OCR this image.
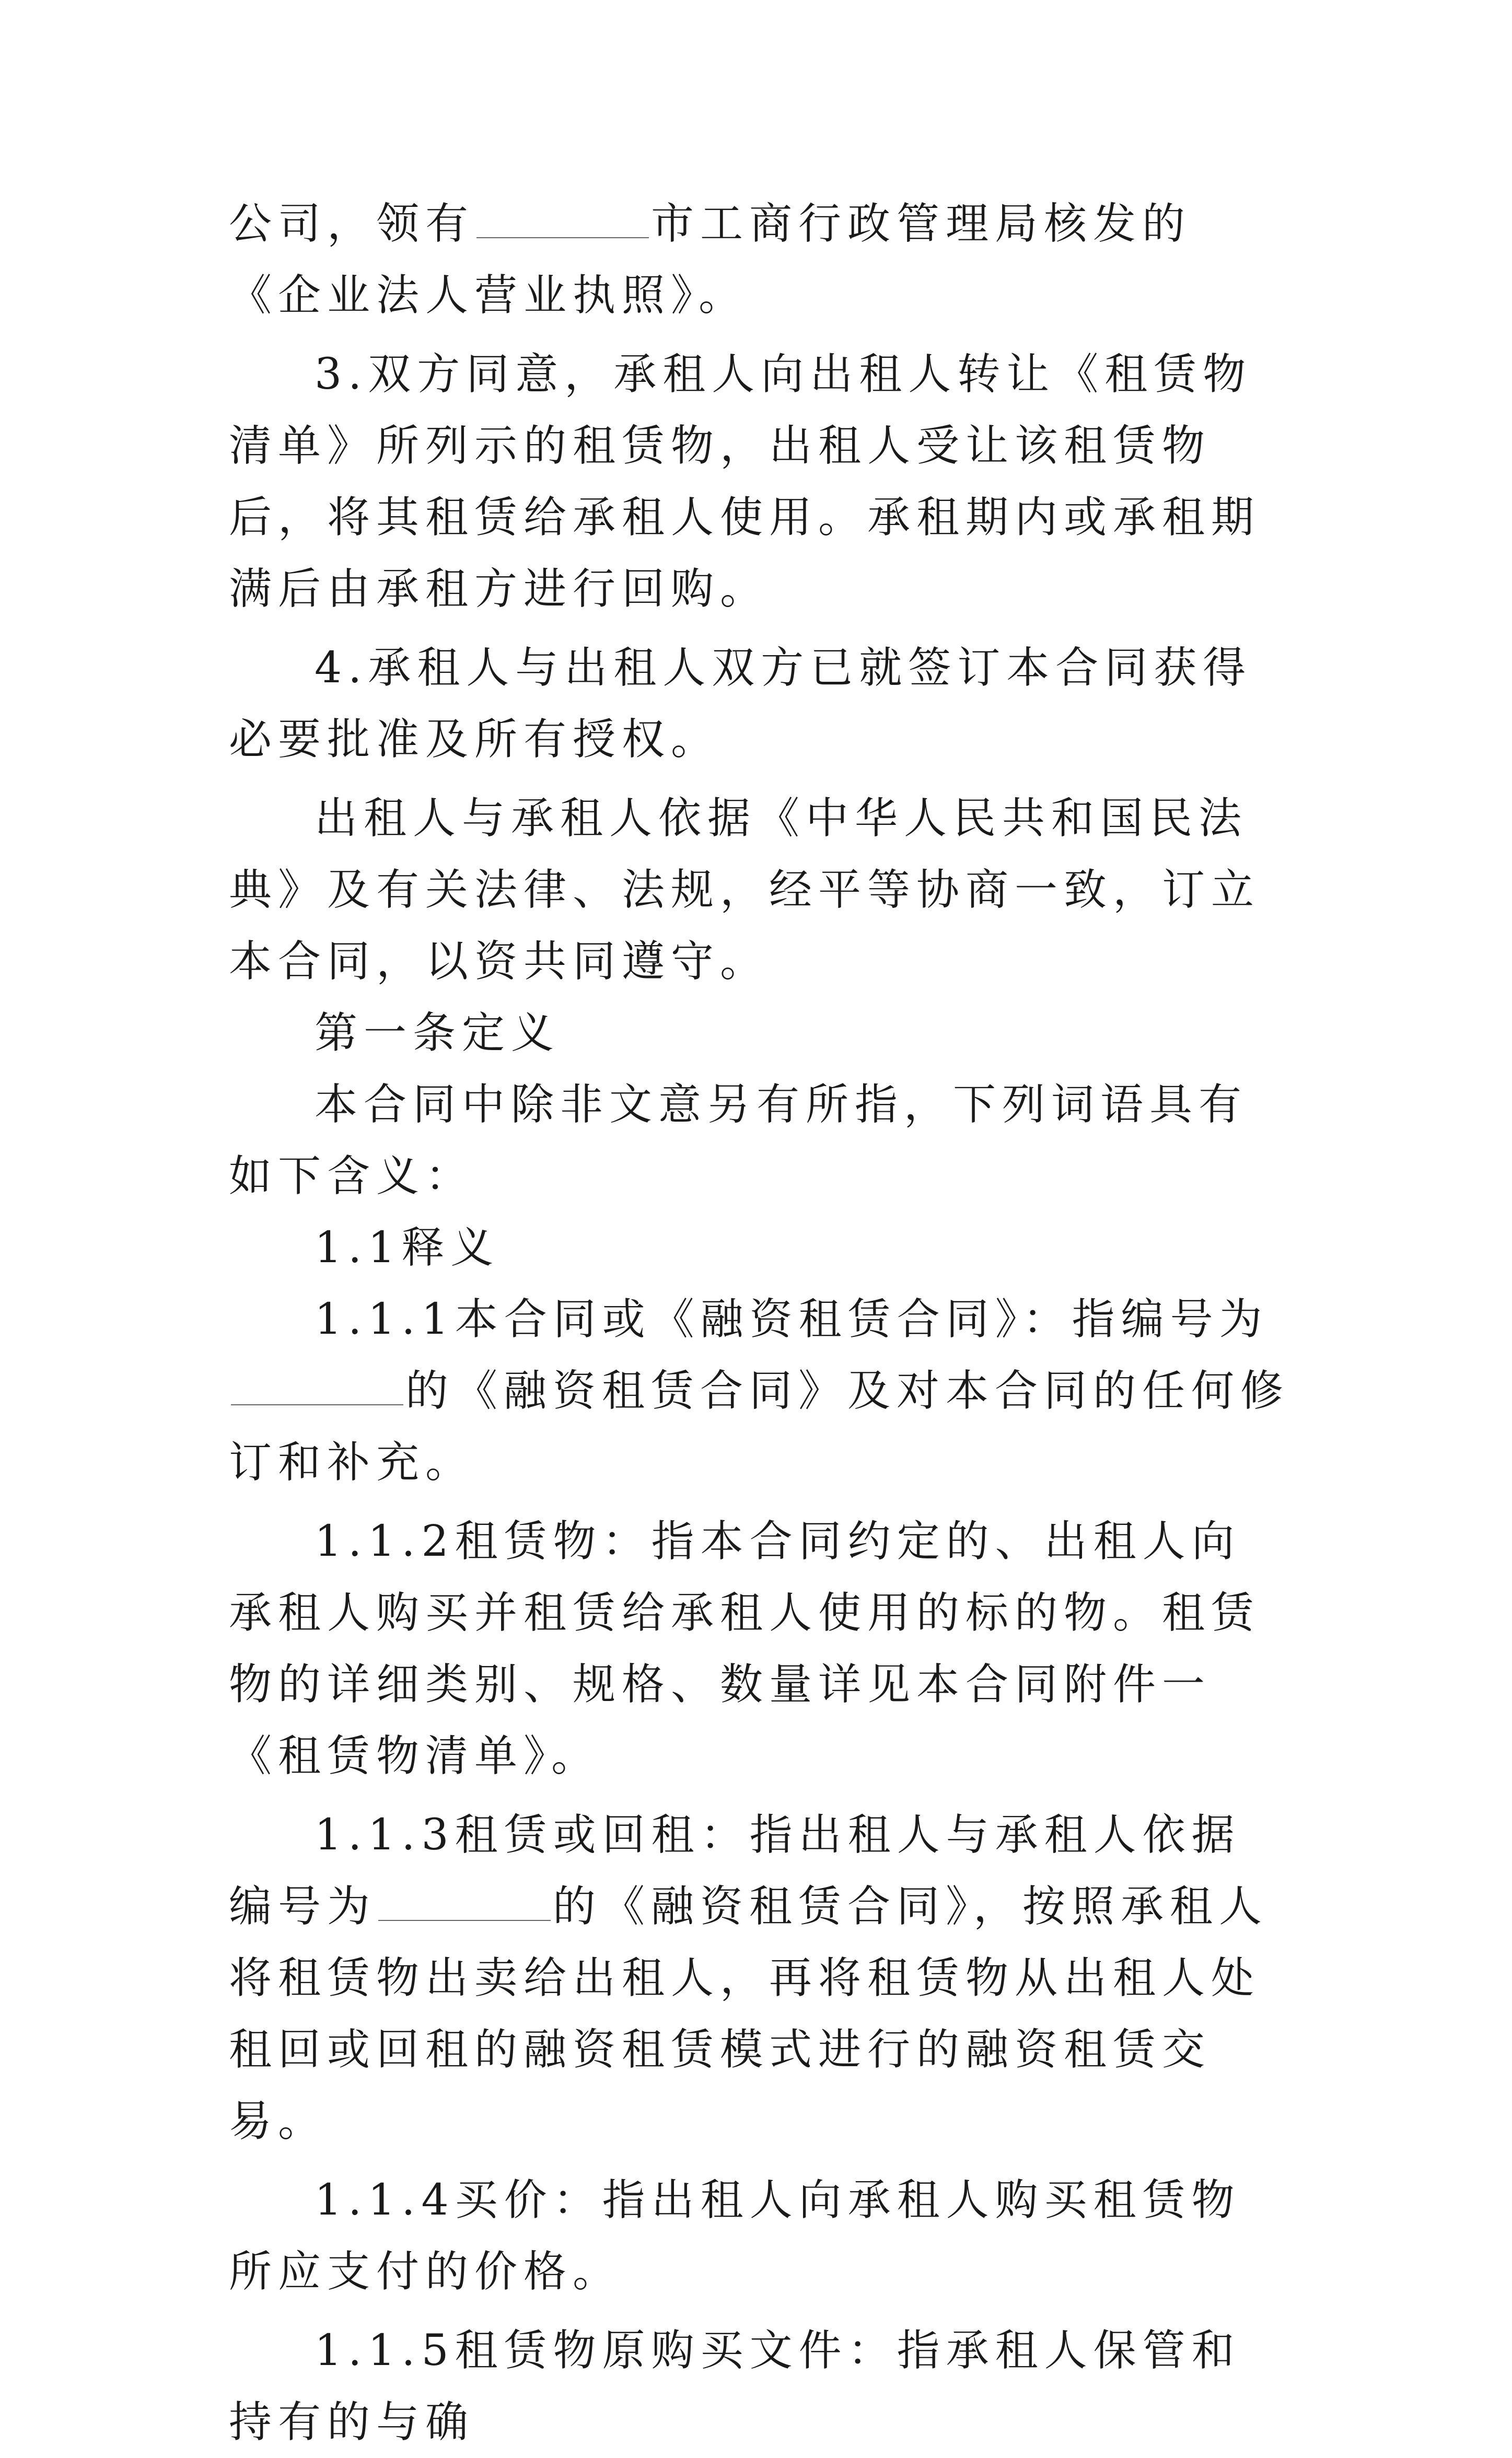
公司，领有	市工商行政管理局核发的《企业法人营业执照》。

3.双方同意，承租人向出租人转让《租赁物清单》所列示的租赁物，出租人受让该租赁物后，将其租赁给承租人使用。承租期内或承租期满后由承租方进行回购。

4.承租人与出租人双方已就签订本合同获得必要批准及所有授权。

出租人与承租人依据《中华人民共和国民法典》及有关法律、法规，经平等协商一致，订立本合同，以资共同遵守。

第一条定义

本合同中除非文意另有所指，下列词语具有如下含义：

1.1释义

1.1.1本合同或《融资租赁合同》：指编号为的《融资租赁合同》及对本合同的任何修订和补充。

1.1.2租赁物：指本合同约定的、出租人向承租人购买并租赁给承租人使用的标的物。租赁物的详细类别、规格、数量详见本合同附件一《租赁物清单》。

1.1.3租赁或回租：指出租人与承租人依据编号为	的《融资租赁合同》，按照承租人将租赁物出卖给出租人，再将租赁物从出租人处租回或回租的融资租赁模式进行的融资租赁交易。

1.1.4买价：指出租人向承租人购买租赁物所应支付的价格。

1.1.5租赁物原购买文件：指承租人保管和持有的与确
